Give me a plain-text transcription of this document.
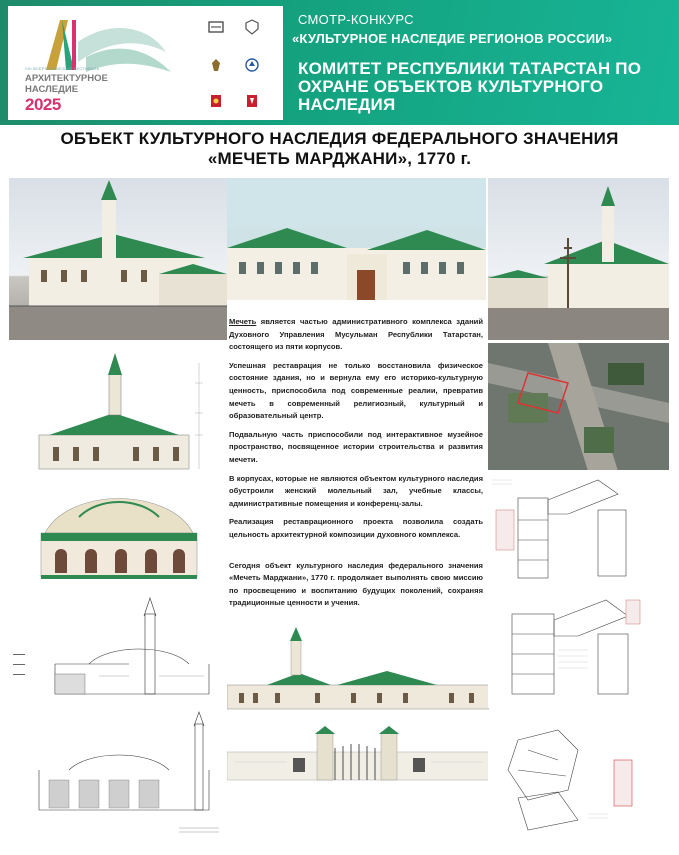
XIII ВСЕРОССИЙСКИЙ ФЕСТИВАЛЬ
АРХИТЕКТУРНОЕ
НАСЛЕДИЕ
2025
СМОТР-КОНКУРС
«КУЛЬТУРНОЕ НАСЛЕДИЕ РЕГИОНОВ РОССИИ»
КОМИТЕТ РЕСПУБЛИКИ ТАТАРСТАН ПО ОХРАНЕ ОБЪЕКТОВ КУЛЬТУРНОГО НАСЛЕДИЯ
ОБЪЕКТ КУЛЬТУРНОГО НАСЛЕДИЯ ФЕДЕРАЛЬНОГО ЗНАЧЕНИЯ
«МЕЧЕТЬ МАРДЖАНИ», 1770 г.

Мечеть является частью административного комплекса зданий Духовного Управления Мусульман Республики Татарстан, состоящего из пяти корпусов.

Успешная реставрация не только восстановила физическое состояние здания, но и вернула ему его историко-культурную ценность, приспособила под современные реалии, превратив мечеть в современный религиозный, культурный и образовательный центр.

Подвальную часть приспособили под интерактивное музейное пространство, посвященное истории строительства и развития мечети.

В корпусах, которые не являются объектом культурного наследия обустроили женский молельный зал, учебные классы, административные помещения и конференц-залы.

Реализация реставрационного проекта позволила создать цельность архитектурной композиции духовного комплекса.

Сегодня объект культурного наследия федерального значения «Мечеть Марджани», 1770 г. продолжает выполнять свою миссию по просвещению и воспитанию будущих поколений, сохраняя традиционные ценности и учения.
